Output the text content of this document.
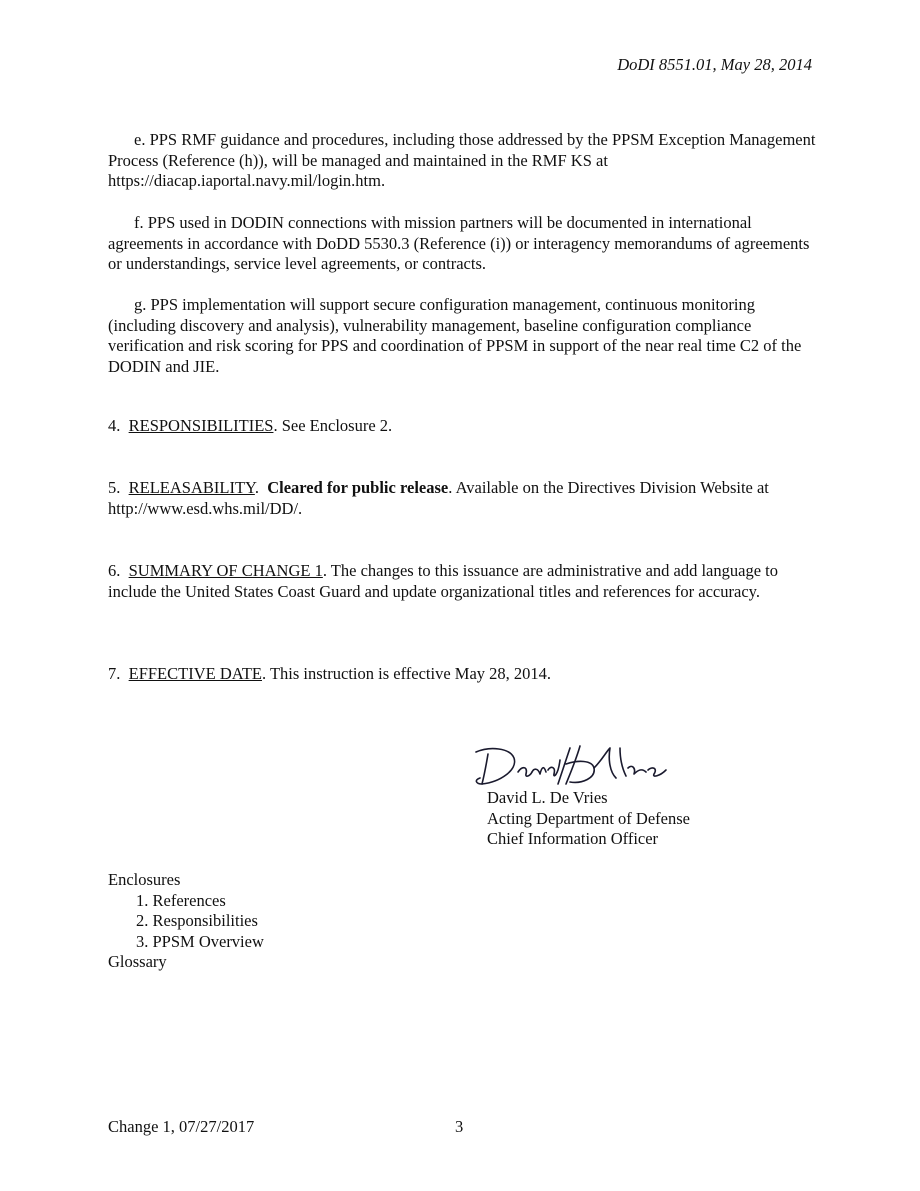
DoDI 8551.01, May 28, 2014
e. PPS RMF guidance and procedures, including those addressed by the PPSM Exception Management Process (Reference (h)), will be managed and maintained in the RMF KS at https://diacap.iaportal.navy.mil/login.htm.
f. PPS used in DODIN connections with mission partners will be documented in international agreements in accordance with DoDD 5530.3 (Reference (i)) or interagency memorandums of agreements or understandings, service level agreements, or contracts.
g. PPS implementation will support secure configuration management, continuous monitoring (including discovery and analysis), vulnerability management, baseline configuration compliance verification and risk scoring for PPS and coordination of PPSM in support of the near real time C2 of the DODIN and JIE.
4. RESPONSIBILITIES. See Enclosure 2.
5. RELEASABILITY.  Cleared for public release. Available on the Directives Division Website at http://www.esd.whs.mil/DD/.
6. SUMMARY OF CHANGE 1. The changes to this issuance are administrative and add language to include the United States Coast Guard and update organizational titles and references for accuracy.
7. EFFECTIVE DATE. This instruction is effective May 28, 2014.
David L. De Vries
Acting Department of Defense
Chief Information Officer
Enclosures
1. References
2. Responsibilities
3. PPSM Overview
Glossary
Change 1, 07/27/2017	3
